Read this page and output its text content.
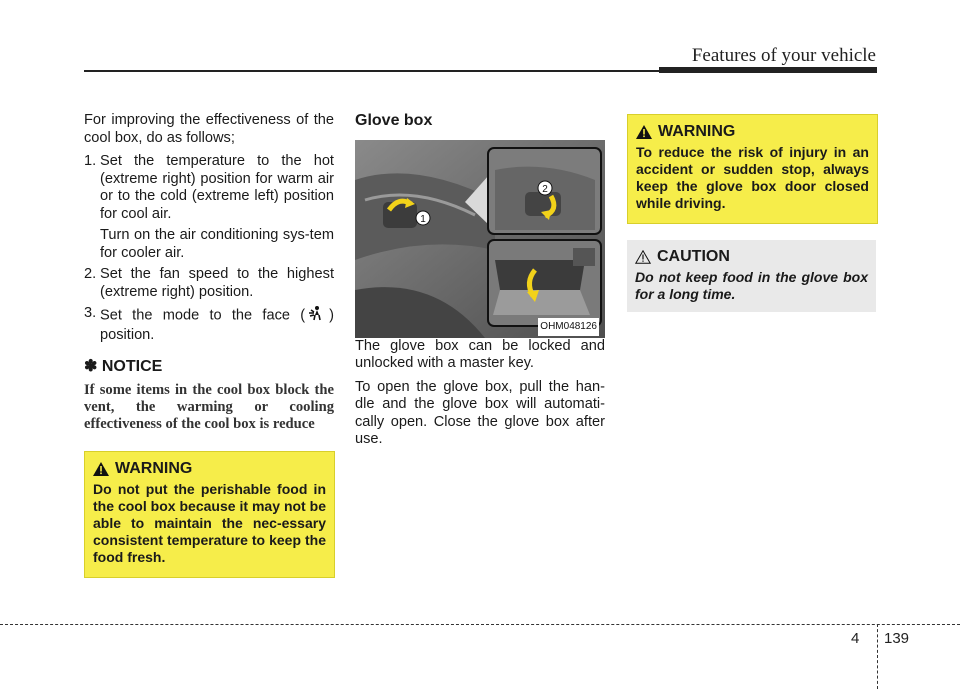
Features of your vehicle

For improving the effectiveness of the cool box, do as follows;

1. Set the temperature to the hot (extreme right) position for warm air or to the cold (extreme left) position for cool air.
Turn on the air conditioning sys-tem for cooler air.
2. Set the fan speed to the highest (extreme right) position.
3. Set the mode to the face ( ) position.
✽ NOTICE

If some items in the cool box block the vent, the warming or cooling effectiveness of the cool box is reduce

WARNING
Do not put the perishable food in the cool box because it may not be able to maintain the nec-essary consistent temperature to keep the food fresh.
Glove box
1
2
OHM048126

The glove box can be locked and unlocked with a master key.

To open the glove box, pull the han-dle and the glove box will automati-cally open. Close the glove box after use.

WARNING
To reduce the risk of injury in an accident or sudden stop, always keep the glove box door closed while driving.
CAUTION
Do not keep food in the glove box for a long time.
4 139
